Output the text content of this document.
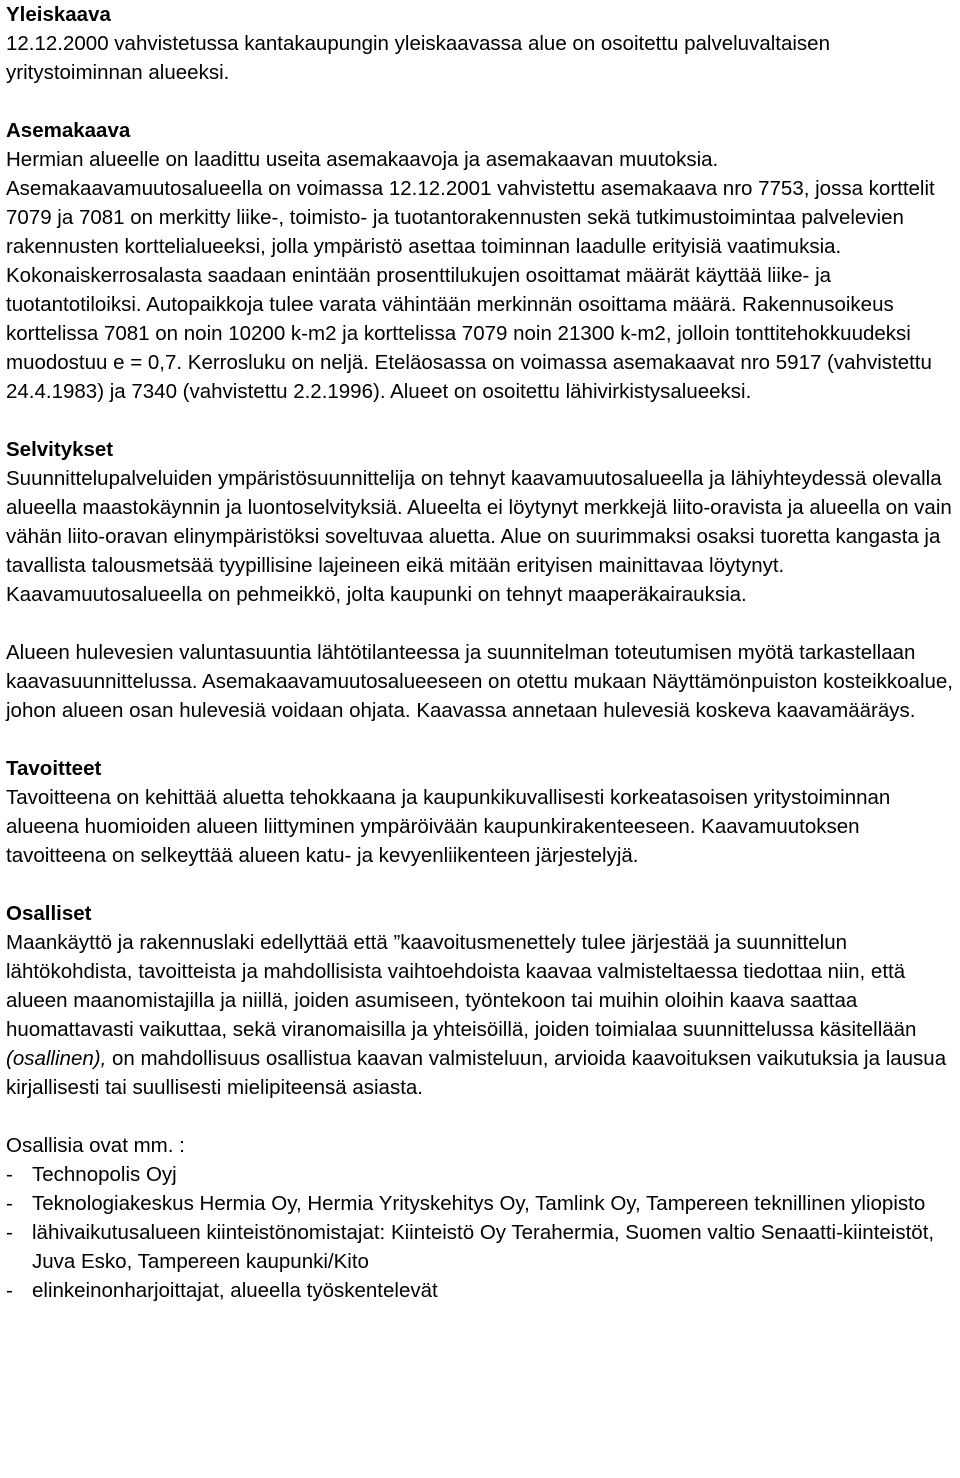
Yleiskaava

12.12.2000 vahvistetussa kantakaupungin yleiskaavassa alue on osoitettu palveluvaltaisen yritystoiminnan alueeksi.

Asemakaava

Hermian alueelle on laadittu useita asemakaavoja ja asemakaavan muutoksia. Asemakaavamuutosalueella on voimassa 12.12.2001 vahvistettu asemakaava nro 7753, jossa korttelit 7079 ja 7081 on merkitty liike-, toimisto- ja tuotantorakennusten sekä tutkimustoimintaa palvelevien rakennusten korttelialueeksi, jolla ympäristö asettaa toiminnan laadulle erityisiä vaatimuksia. Kokonaiskerrosalasta saadaan enintään prosenttilukujen osoittamat määrät käyttää liike- ja tuotantotiloiksi. Autopaikkoja tulee varata vähintään merkinnän osoittama määrä. Rakennusoikeus korttelissa 7081 on noin 10200 k-m2 ja korttelissa 7079 noin 21300 k-m2, jolloin tonttitehokkuudeksi muodostuu e = 0,7. Kerrosluku on neljä. Eteläosassa on voimassa asemakaavat nro 5917 (vahvistettu 24.4.1983) ja 7340 (vahvistettu 2.2.1996). Alueet on osoitettu lähivirkistysalueeksi.

Selvitykset

Suunnittelupalveluiden ympäristösuunnittelija on tehnyt kaavamuutosalueella ja lähiyhteydessä olevalla alueella maastokäynnin ja luontoselvityksiä. Alueelta ei löytynyt merkkejä liito-oravista ja alueella on vain vähän liito-oravan elinympäristöksi soveltuvaa aluetta. Alue on suurimmaksi osaksi tuoretta kangasta ja tavallista talousmetsää tyypillisine lajeineen eikä mitään erityisen mainittavaa löytynyt. Kaavamuutosalueella on pehmeikkö, jolta kaupunki on tehnyt maaperäkairauksia.

Alueen hulevesien valuntasuuntia lähtötilanteessa ja suunnitelman toteutumisen myötä tarkastellaan kaavasuunnittelussa. Asemakaavamuutosalueeseen on otettu mukaan Näyttämönpuiston kosteikkoalue, johon alueen osan hulevesiä voidaan ohjata. Kaavassa annetaan hulevesiä koskeva kaavamääräys.

Tavoitteet

Tavoitteena on kehittää aluetta tehokkaana ja kaupunkikuvallisesti korkeatasoisen yritystoiminnan alueena huomioiden alueen liittyminen ympäröivään kaupunkirakenteeseen. Kaavamuutoksen tavoitteena on selkeyttää alueen katu- ja kevyenliikenteen järjestelyjä.

Osalliset

Maankäyttö ja rakennuslaki edellyttää että ”kaavoitusmenettely tulee järjestää ja suunnittelun lähtökohdista, tavoitteista ja mahdollisista vaihtoehdoista kaavaa valmisteltaessa tiedottaa niin, että alueen maanomistajilla ja niillä, joiden asumiseen, työntekoon tai muihin oloihin kaava saattaa huomattavasti vaikuttaa, sekä viranomaisilla ja yhteisöillä, joiden toimialaa suunnittelussa käsitellään (osallinen), on mahdollisuus osallistua kaavan valmisteluun, arvioida kaavoituksen vaikutuksia ja lausua kirjallisesti tai suullisesti mielipiteensä asiasta.

Osallisia ovat mm. :

- Technopolis Oyj
- Teknologiakeskus Hermia Oy, Hermia Yrityskehitys Oy, Tamlink Oy, Tampereen teknillinen yliopisto
- lähivaikutusalueen kiinteistönomistajat: Kiinteistö Oy Terahermia, Suomen valtio Senaatti-kiinteistöt, Juva Esko, Tampereen kaupunki/Kito
- elinkeinonharjoittajat, alueella työskentelevät
